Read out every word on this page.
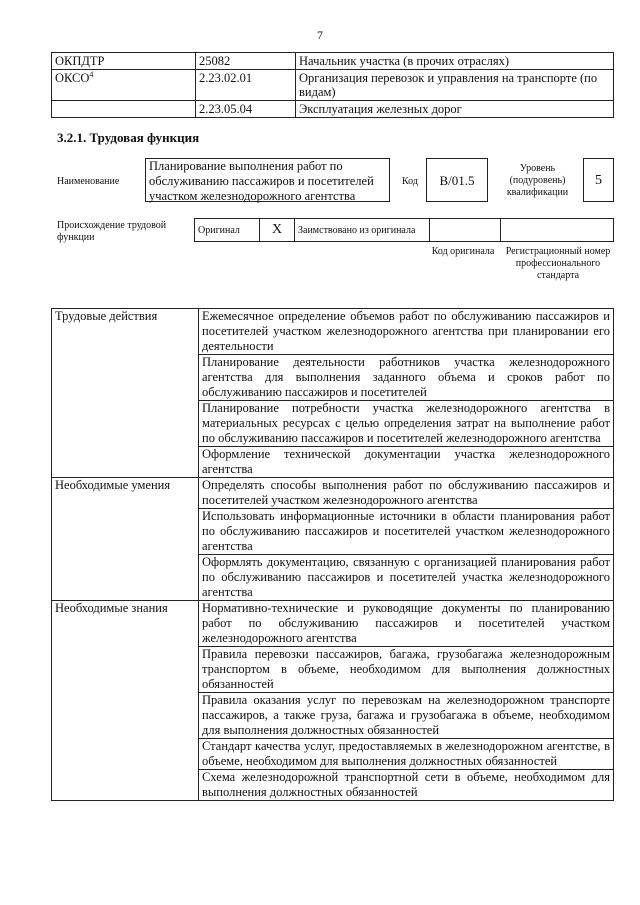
7
ОКПДТР	25082	Начальник участка (в прочих отраслях)
ОКСО$^4$	2.23.02.01	Организация перевозок и управления на транспорте (по видам)
	2.23.05.04	Эксплуатация железных дорог
3.2.1. Трудовая функция
Наименование
Планирование выполнения работ по обслуживанию пассажиров и посетителей участком железнодорожного агентства
Код	В/01.5
Уровень (подуровень) квалификации
5
Происхождение трудовой функции
Оригинал	X	Заимствовано из оригинала		
Код оригинала Регистрационный номер профессионального стандарта
Трудовые действия	Ежемесячное определение объемов работ по обслуживанию пассажиров и посетителей участком железнодорожного агентства при планировании его деятельности
	Планирование деятельности работников участка железнодорожного агентства для выполнения заданного объема и сроков работ по обслуживанию пассажиров и посетителей
	Планирование потребности участка железнодорожного агентства в материальных ресурсах с целью определения затрат на выполнение работ по обслуживанию пассажиров и посетителей железнодорожного агентства
	Оформление технической документации участка железнодорожного агентства
Необходимые умения	Определять способы выполнения работ по обслуживанию пассажиров и посетителей участком железнодорожного агентства
	Использовать информационные источники в области планирования работ по обслуживанию пассажиров и посетителей участком железнодорожного агентства
	Оформлять документацию, связанную с организацией планирования работ по обслуживанию пассажиров и посетителей участка железнодорожного агентства
Необходимые знания	Нормативно-технические и руководящие документы по планированию работ по обслуживанию пассажиров и посетителей участком железнодорожного агентства
	Правила перевозки пассажиров, багажа, грузобагажа железнодорожным транспортом в объеме, необходимом для выполнения должностных обязанностей
	Правила оказания услуг по перевозкам на железнодорожном транспорте пассажиров, а также груза, багажа и грузобагажа в объеме, необходимом для выполнения должностных обязанностей
	Стандарт качества услуг, предоставляемых в железнодорожном агентстве, в объеме, необходимом для выполнения должностных обязанностей
	Схема железнодорожной транспортной сети в объеме, необходимом для выполнения должностных обязанностей
